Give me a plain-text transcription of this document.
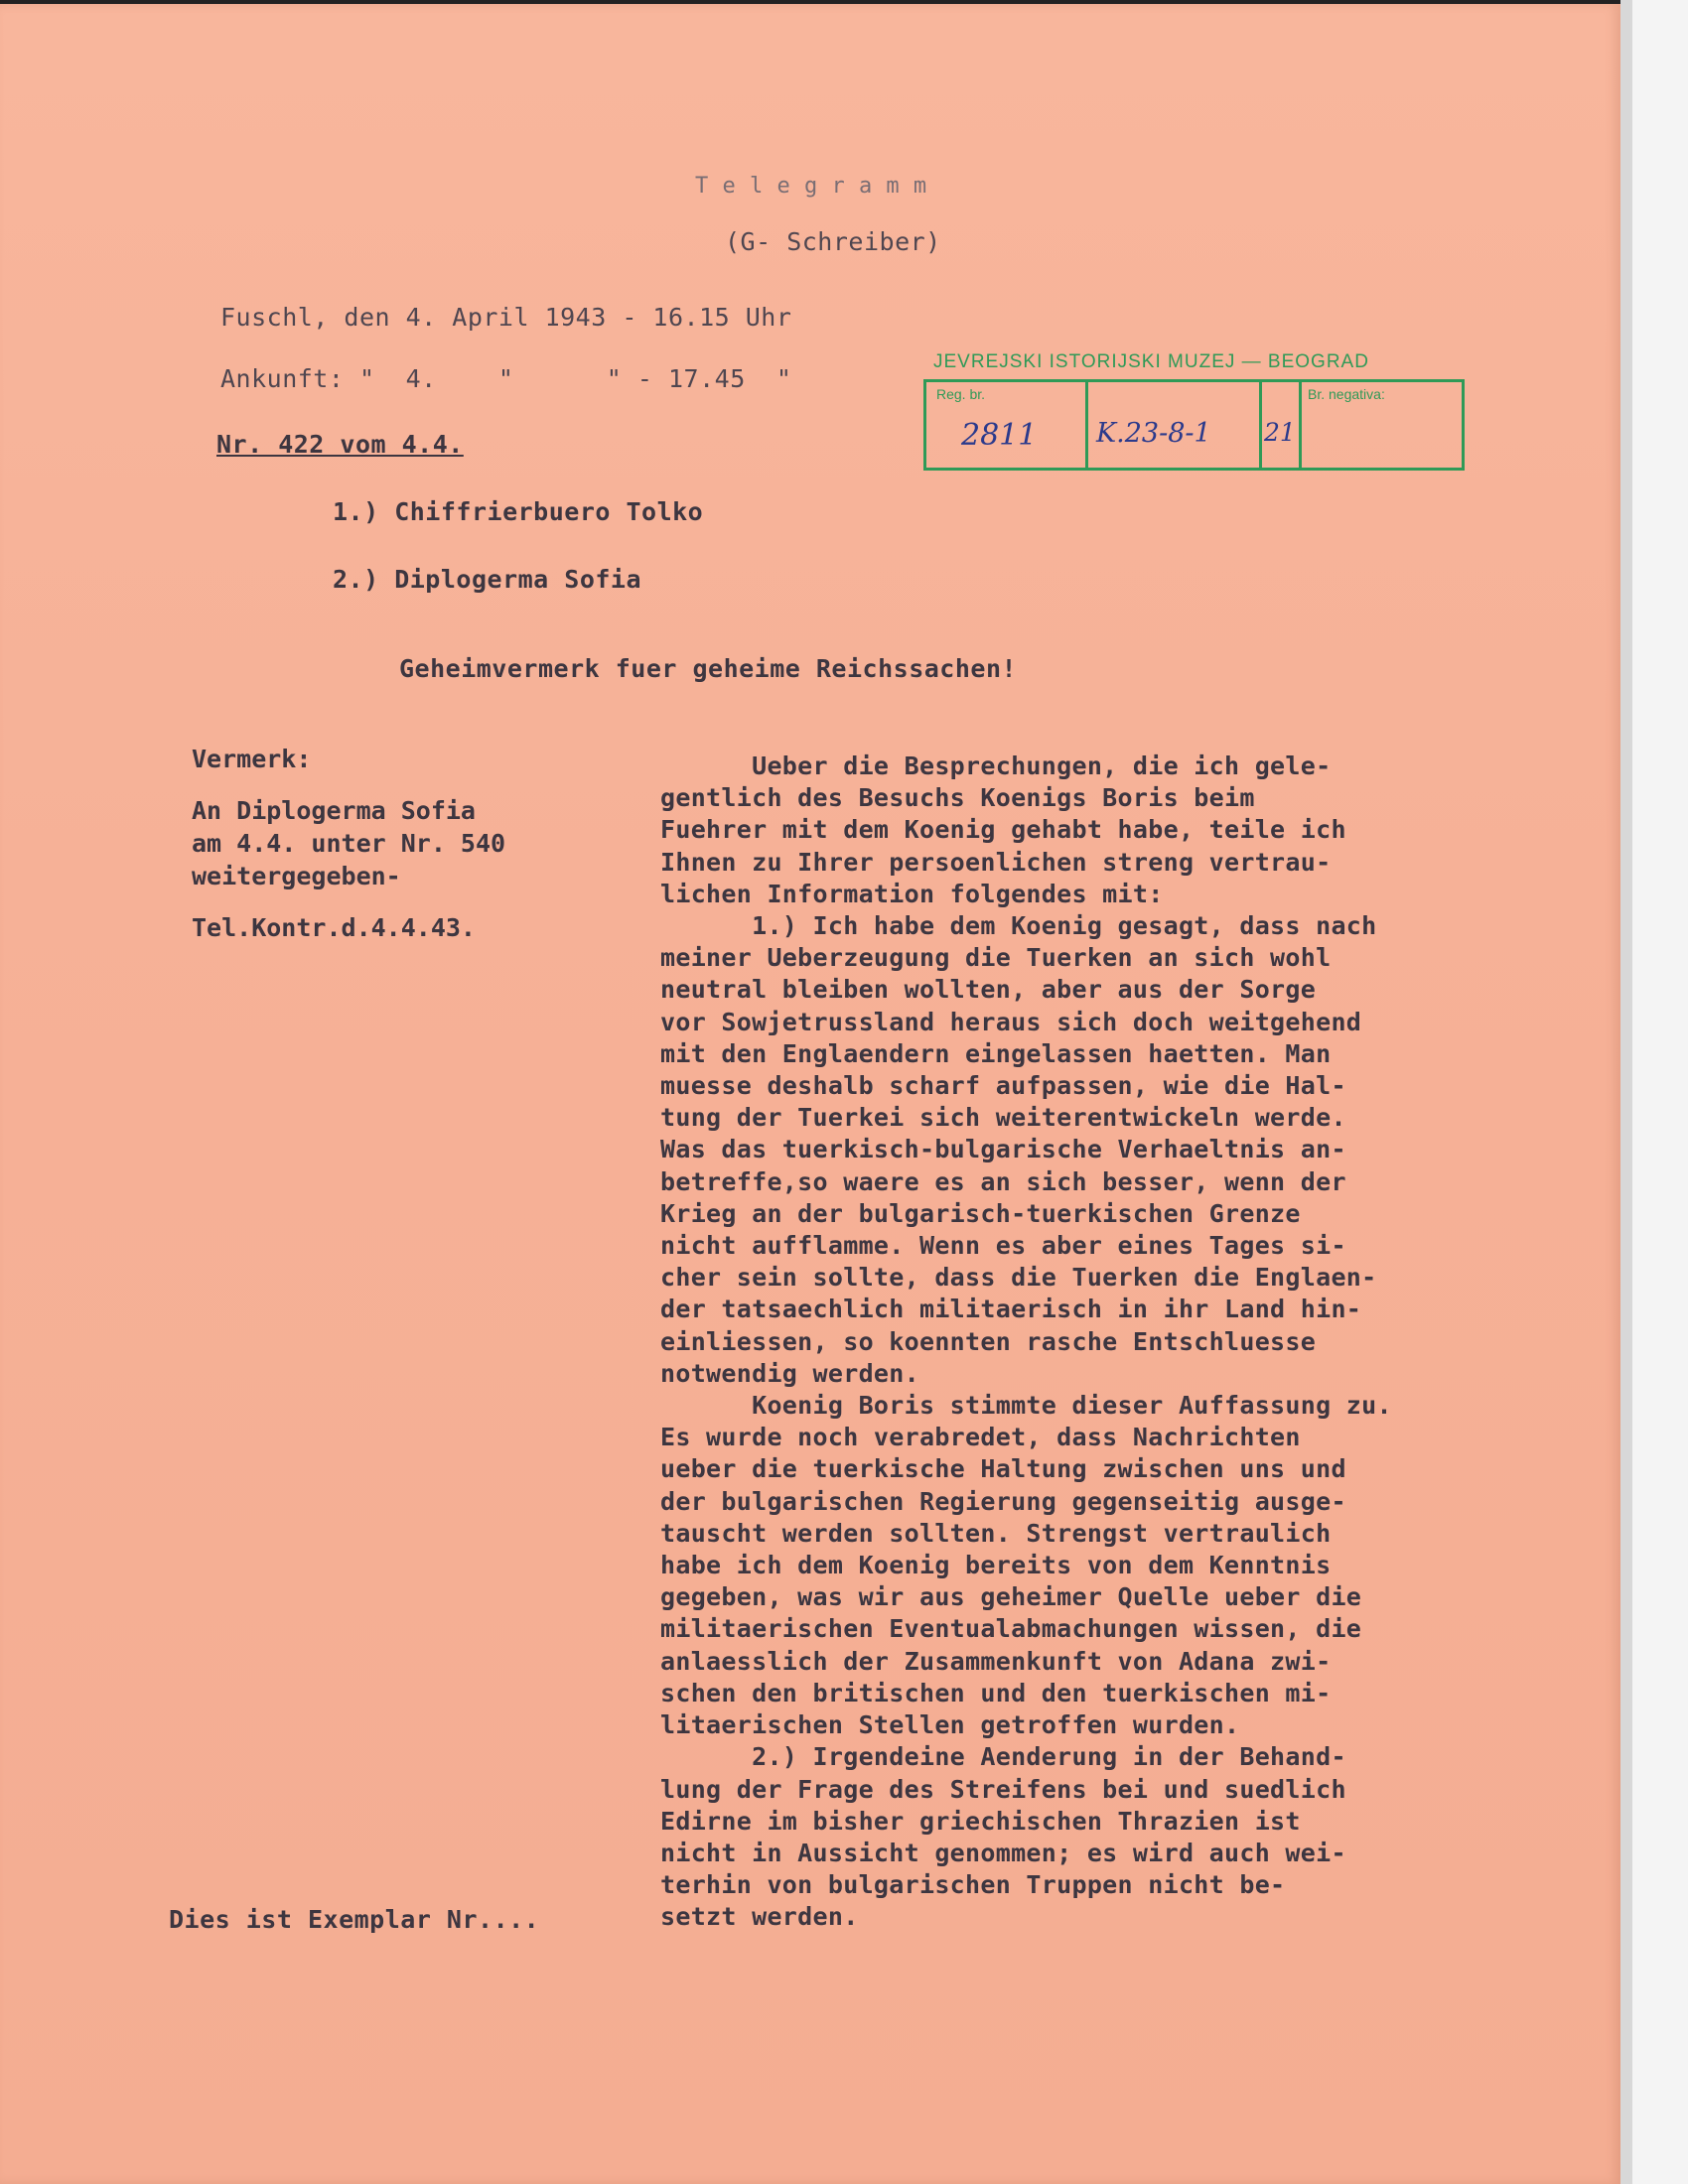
T e l e g r a m m
(G- Schreiber)
Fuschl, den 4. April 1943 - 16.15 Uhr
Ankunft: "  4.    "      " - 17.45  "
Nr. 422 vom 4.4.
JEVREJSKI ISTORIJSKI MUZEJ — BEOGRAD
Reg. br.
2811 K.23-8-1 21
Br. negativa:
1.) Chiffrierbuero Tolko
2.) Diplogerma Sofia
Geheimvermerk fuer geheime Reichssachen!
Vermerk:
An Diplogerma Sofia
am 4.4. unter Nr. 540
weitergegeben-
Tel.Kontr.d.4.4.43.
Ueber die Besprechungen, die ich gele-
gentlich des Besuchs Koenigs Boris beim
Fuehrer mit dem Koenig gehabt habe, teile ich
Ihnen zu Ihrer persoenlichen streng vertrau-
lichen Information folgendes mit:
1.) Ich habe dem Koenig gesagt, dass nach
meiner Ueberzeugung die Tuerken an sich wohl
neutral bleiben wollten, aber aus der Sorge
vor Sowjetrussland heraus sich doch weitgehend
mit den Englaendern eingelassen haetten. Man
muesse deshalb scharf aufpassen, wie die Hal-
tung der Tuerkei sich weiterentwickeln werde.
Was das tuerkisch-bulgarische Verhaeltnis an-
betreffe,so waere es an sich besser, wenn der
Krieg an der bulgarisch-tuerkischen Grenze
nicht aufflamme. Wenn es aber eines Tages si-
cher sein sollte, dass die Tuerken die Englaen-
der tatsaechlich militaerisch in ihr Land hin-
einliessen, so koennten rasche Entschluesse
notwendig werden.
Koenig Boris stimmte dieser Auffassung zu.
Es wurde noch verabredet, dass Nachrichten
ueber die tuerkische Haltung zwischen uns und
der bulgarischen Regierung gegenseitig ausge-
tauscht werden sollten. Strengst vertraulich
habe ich dem Koenig bereits von dem Kenntnis
gegeben, was wir aus geheimer Quelle ueber die
militaerischen Eventualabmachungen wissen, die
anlaesslich der Zusammenkunft von Adana zwi-
schen den britischen und den tuerkischen mi-
litaerischen Stellen getroffen wurden.
2.) Irgendeine Aenderung in der Behand-
lung der Frage des Streifens bei und suedlich
Edirne im bisher griechischen Thrazien ist
nicht in Aussicht genommen; es wird auch wei-
terhin von bulgarischen Truppen nicht be-
setzt werden.
Dies ist Exemplar Nr....
